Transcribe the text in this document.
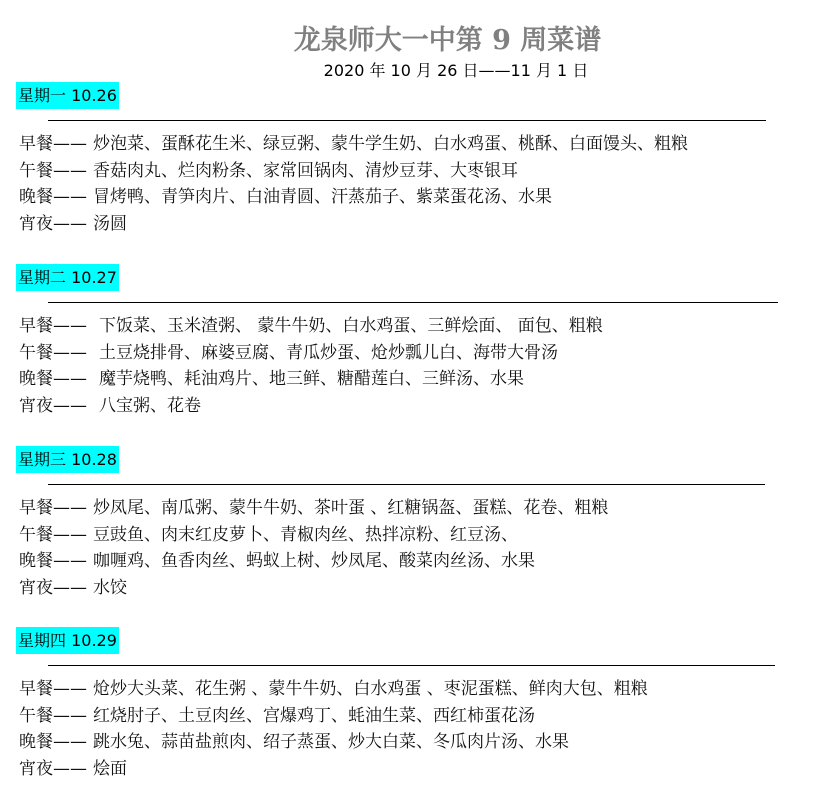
龙泉师大一中第 9 周菜谱
2020 年 10 月 26 日——11 月 1 日
星期一 10.26
早餐—— 炒泡菜、蛋酥花生米、绿豆粥、蒙牛学生奶、白水鸡蛋、桃酥、白面馒头、粗粮
午餐—— 香菇肉丸、烂肉粉条、家常回锅肉、清炒豆芽、大枣银耳
晚餐—— 冒烤鸭、青笋肉片、白油青圆、汗蒸茄子、紫菜蛋花汤、水果
宵夜—— 汤圆
星期二 10.27
早餐—— 下饭菜、玉米渣粥、 蒙牛牛奶、白水鸡蛋、三鲜烩面、 面包、粗粮
午餐—— 土豆烧排骨、麻婆豆腐、青瓜炒蛋、炝炒瓢儿白、海带大骨汤
晚餐—— 魔芋烧鸭、耗油鸡片、地三鲜、糖醋莲白、三鲜汤、水果
宵夜—— 八宝粥、花卷
星期三 10.28
早餐—— 炒凤尾、南瓜粥、蒙牛牛奶、茶叶蛋 、红糖锅盔、蛋糕、花卷、粗粮
午餐—— 豆豉鱼、肉末红皮萝卜、青椒肉丝、热拌凉粉、红豆汤、
晚餐—— 咖喱鸡、鱼香肉丝、蚂蚁上树、炒凤尾、酸菜肉丝汤、水果
宵夜—— 水饺
星期四 10.29
早餐—— 炝炒大头菜、花生粥 、蒙牛牛奶、白水鸡蛋 、枣泥蛋糕、鲜肉大包、粗粮
午餐—— 红烧肘子、土豆肉丝、宫爆鸡丁、蚝油生菜、西红柿蛋花汤
晚餐—— 跳水兔、蒜苗盐煎肉、绍子蒸蛋、炒大白菜、冬瓜肉片汤、水果
宵夜—— 烩面
